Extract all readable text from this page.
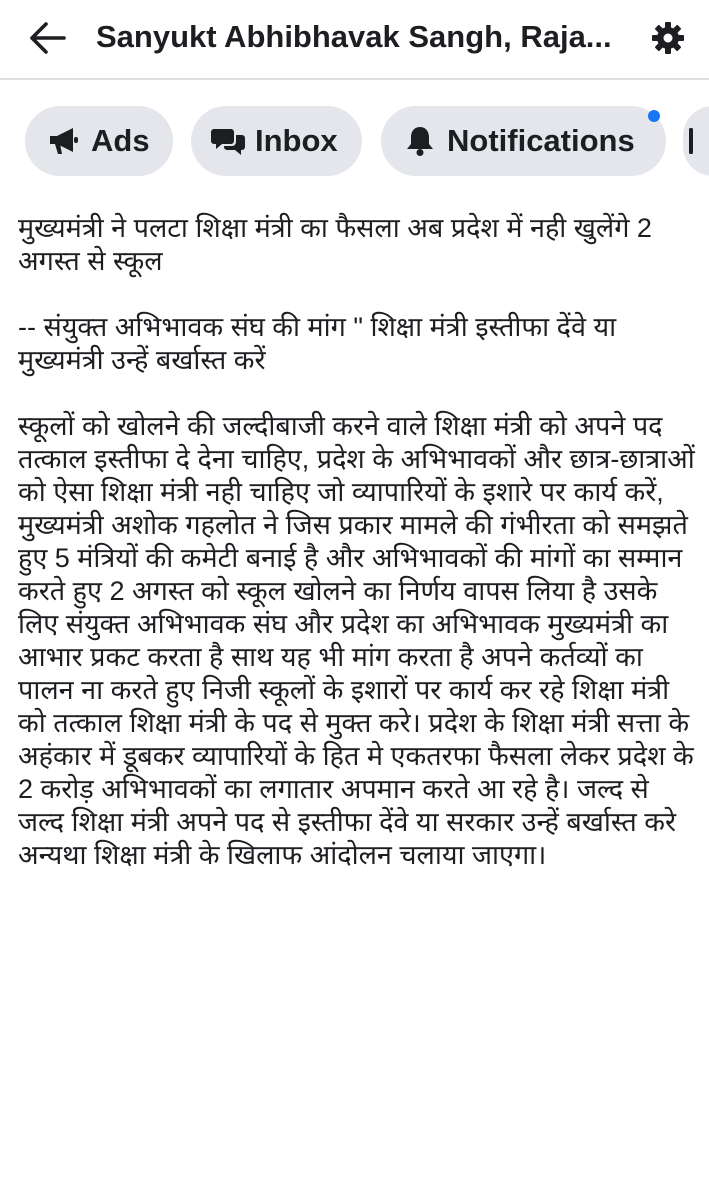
Sanyukt Abhibhavak Sangh, Raja...
Ads	Inbox	Notifications

मुख्यमंत्री ने पलटा शिक्षा मंत्री का फैसला अब प्रदेश में नही खुलेंगे 2 अगस्त से स्कूल

-- संयुक्त अभिभावक संघ की मांग " शिक्षा मंत्री इस्तीफा देंवे या मुख्यमंत्री उन्हें बर्खास्त करें

स्कूलों को खोलने की जल्दीबाजी करने वाले शिक्षा मंत्री को अपने पद तत्काल इस्तीफा दे देना चाहिए, प्रदेश के अभिभावकों और छात्र-छात्राओं को ऐसा शिक्षा मंत्री नही चाहिए जो व्यापारियों के इशारे पर कार्य करें, मुख्यमंत्री अशोक गहलोत ने जिस प्रकार मामले की गंभीरता को समझते हुए 5 मंत्रियों की कमेटी बनाई है और अभिभावकों की मांगों का सम्मान करते हुए 2 अगस्त को स्कूल खोलने का निर्णय वापस लिया है उसके लिए संयुक्त अभिभावक संघ और प्रदेश का अभिभावक मुख्यमंत्री का आभार प्रकट करता है साथ यह भी मांग करता है अपने कर्तव्यों का पालन ना करते हुए निजी स्कूलों के इशारों पर कार्य कर रहे शिक्षा मंत्री को तत्काल शिक्षा मंत्री के पद से मुक्त करे। प्रदेश के शिक्षा मंत्री सत्ता के अहंकार में डूबकर व्यापारियों के हित मे एकतरफा फैसला लेकर प्रदेश के 2 करोड़ अभिभावकों का लगातार अपमान करते आ रहे है। जल्द से जल्द शिक्षा मंत्री अपने पद से इस्तीफा देंवे या सरकार उन्हें बर्खास्त करे अन्यथा शिक्षा मंत्री के खिलाफ आंदोलन चलाया जाएगा।
